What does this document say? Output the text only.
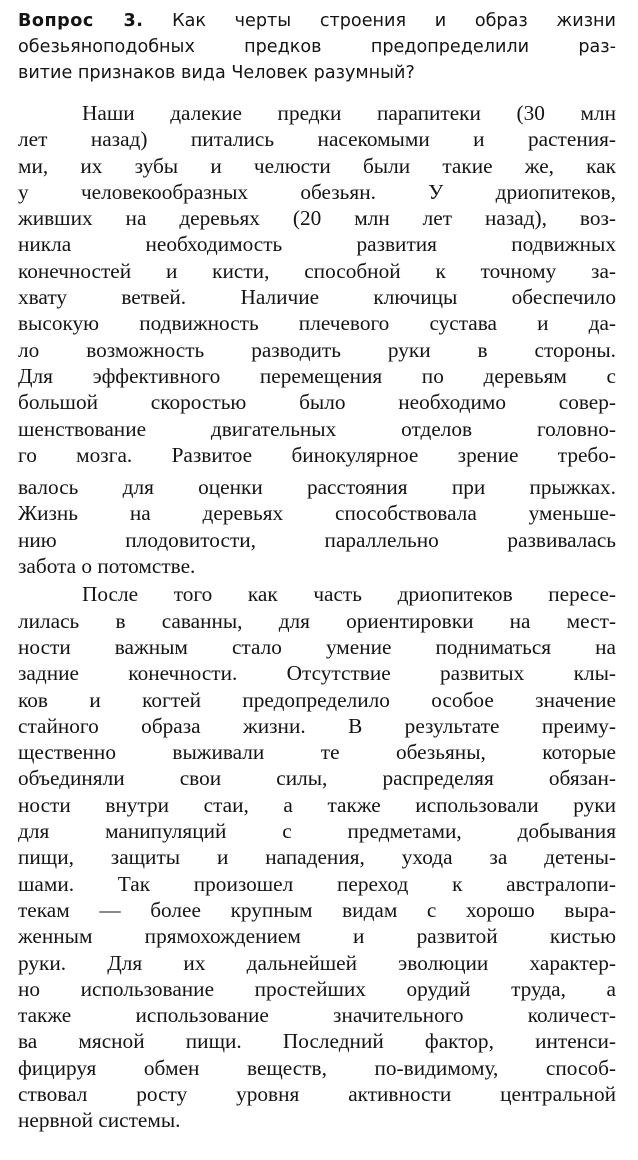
Вопрос 3. Как черты строения и образ жизни
обезьяноподобных предков предопределили раз-
витие признаков вида Человек разумный?
Наши далекие предки парапитеки (30 млн
лет назад) питались насекомыми и растения-
ми, их зубы и челюсти были такие же, как
у человекообразных обезьян. У дриопитеков,
живших на деревьях (20 млн лет назад), воз-
никла необходимость развития подвижных
конечностей и кисти, способной к точному за-
хвату ветвей. Наличие ключицы обеспечило
высокую подвижность плечевого сустава и да-
ло возможность разводить руки в стороны.
Для эффективного перемещения по деревьям с
большой скоростью было необходимо совер-
шенствование двигательных отделов головно-
го мозга. Развитое бинокулярное зрение требо-
валось для оценки расстояния при прыжках.
Жизнь на деревьях способствовала уменьше-
нию плодовитости, параллельно развивалась
забота о потомстве.
После того как часть дриопитеков пересе-
лилась в саванны, для ориентировки на мест-
ности важным стало умение подниматься на
задние конечности. Отсутствие развитых клы-
ков и когтей предопределило особое значение
стайного образа жизни. В результате преиму-
щественно выживали те обезьяны, которые
объединяли свои силы, распределяя обязан-
ности внутри стаи, а также использовали руки
для манипуляций с предметами, добывания
пищи, защиты и нападения, ухода за детены-
шами. Так произошел переход к австралопи-
текам — более крупным видам с хорошо выра-
женным прямохождением и развитой кистью
руки. Для их дальнейшей эволюции характер-
но использование простейших орудий труда, а
также использование значительного количест-
ва мясной пищи. Последний фактор, интенси-
фицируя обмен веществ, по-видимому, способ-
ствовал росту уровня активности центральной
нервной системы.
